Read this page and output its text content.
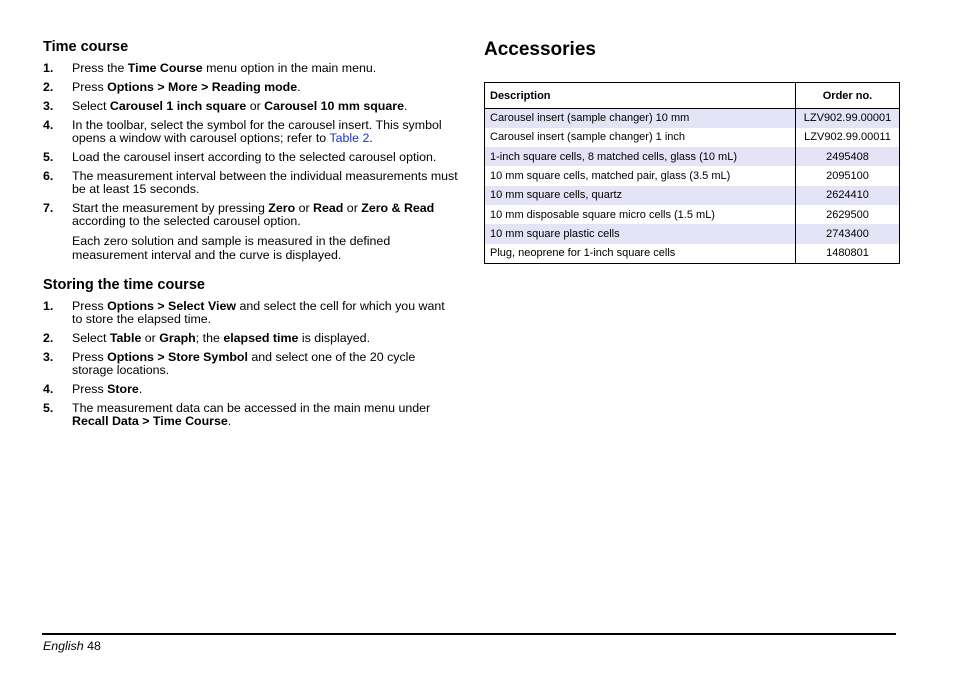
Time course
1. Press the Time Course menu option in the main menu.
2. Press Options > More > Reading mode.
3. Select Carousel 1 inch square or Carousel 10 mm square.
4. In the toolbar, select the symbol for the carousel insert. This symbol opens a window with carousel options; refer to Table 2.
5. Load the carousel insert according to the selected carousel option.
6. The measurement interval between the individual measurements must be at least 15 seconds.
7. Start the measurement by pressing Zero or Read or Zero & Read according to the selected carousel option.

Each zero solution and sample is measured in the defined measurement interval and the curve is displayed.

Storing the time course
1. Press Options > Select View and select the cell for which you want to store the elapsed time.
2. Select Table or Graph; the elapsed time is displayed.
3. Press Options > Store Symbol and select one of the 20 cycle storage locations.
4. Press Store.
5. The measurement data can be accessed in the main menu under Recall Data > Time Course.
Accessories
Description	Order no.
Carousel insert (sample changer) 10 mm	LZV902.99.00001
Carousel insert (sample changer) 1 inch	LZV902.99.00011
1-inch square cells, 8 matched cells, glass (10 mL)	2495408
10 mm square cells, matched pair, glass (3.5 mL)	2095100
10 mm square cells, quartz	2624410
10 mm disposable square micro cells (1.5 mL)	2629500
10 mm square plastic cells	2743400
Plug, neoprene for 1-inch square cells	1480801
English 48
